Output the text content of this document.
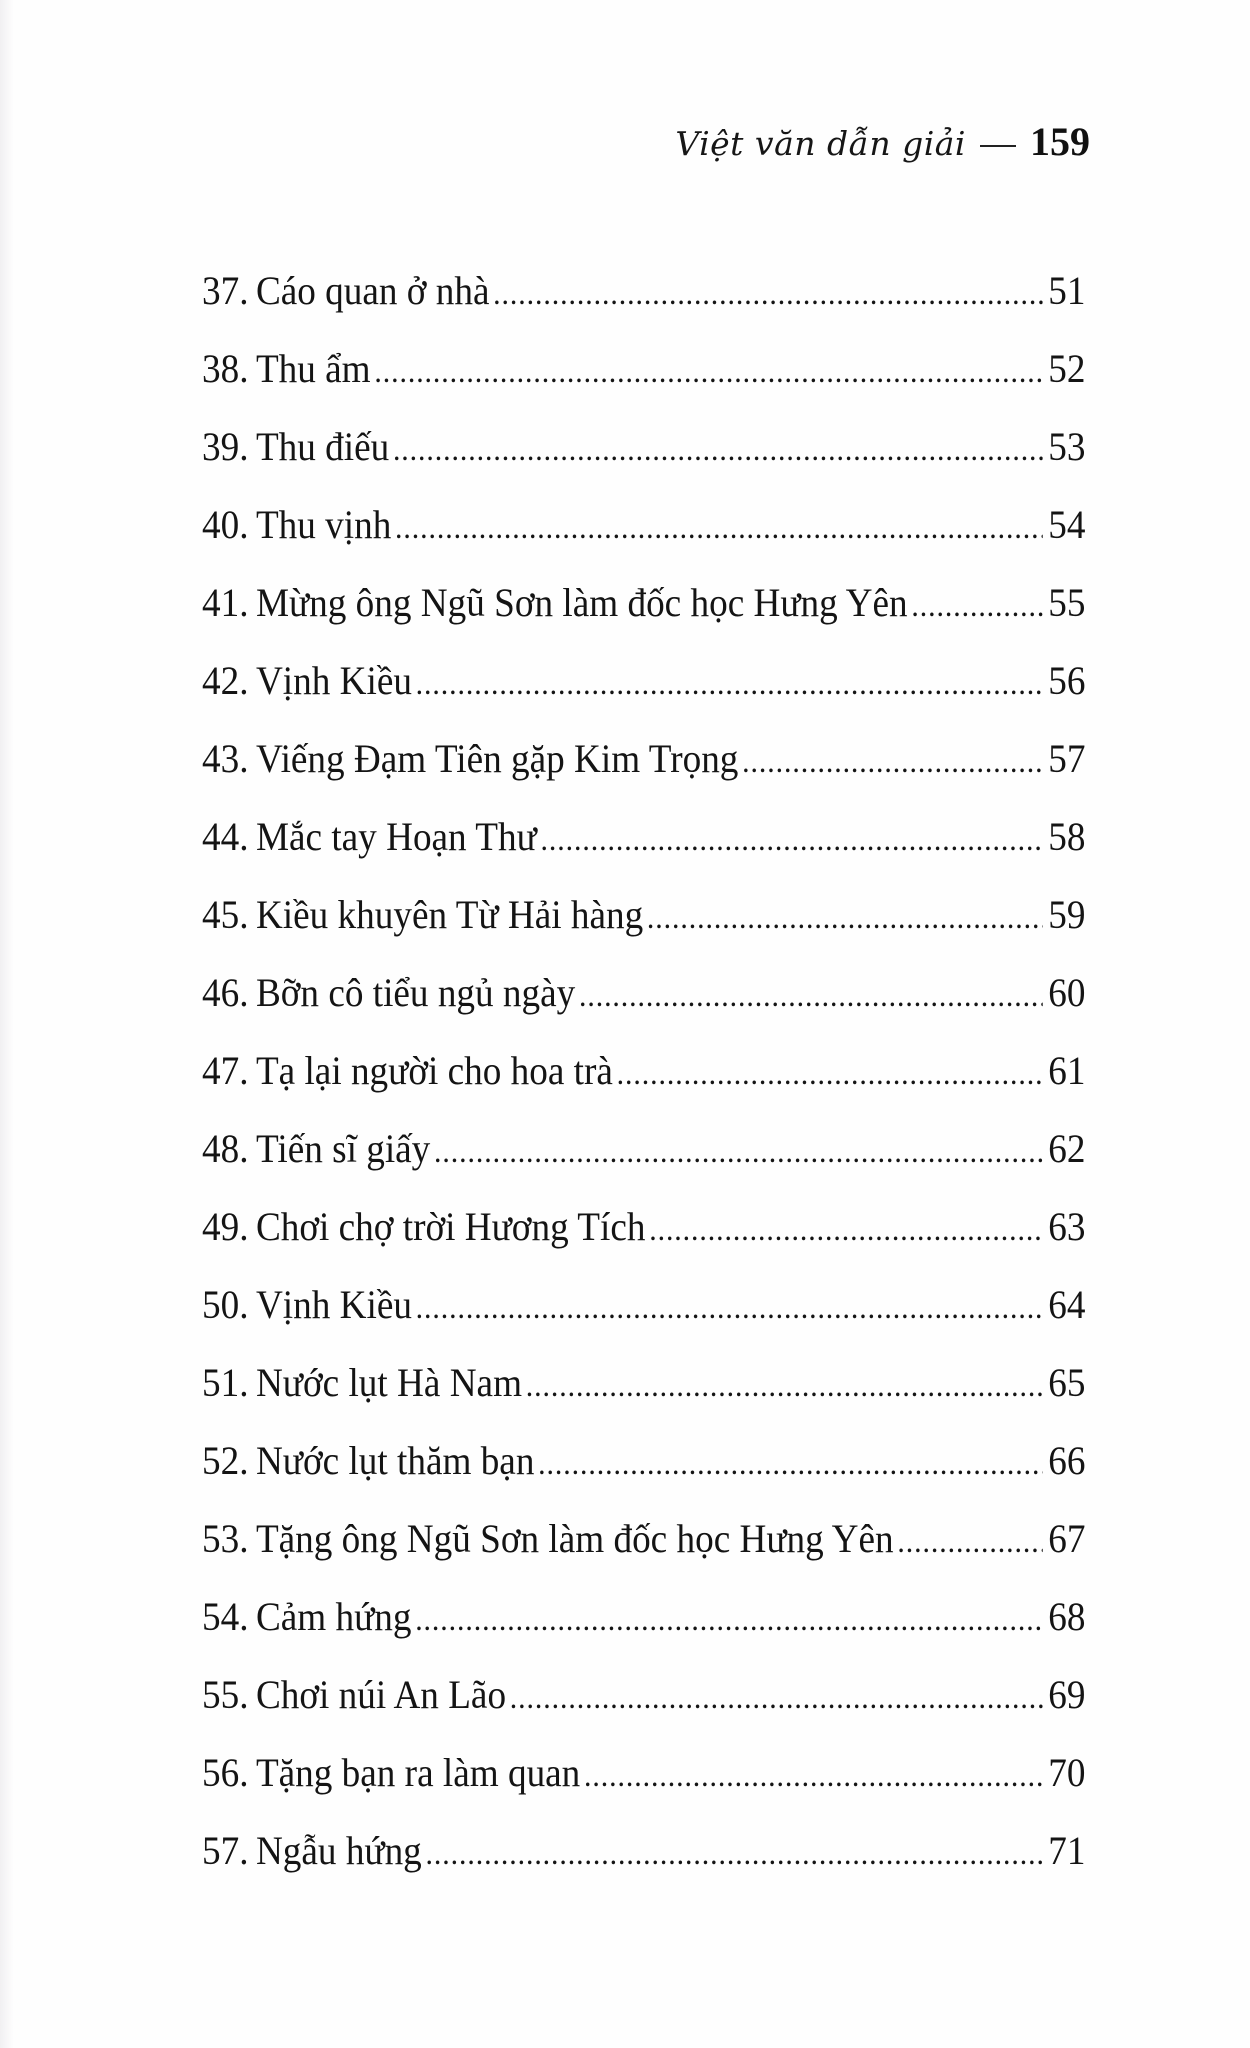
Việt văn dẫn giải 159
37. Cáo quan ở nhà .....	51
38. Thu ẩm .....	52
39. Thu điếu .....	53
40. Thu vịnh .....	54
41. Mừng ông Ngũ Sơn làm đốc học Hưng Yên .....	55
42. Vịnh Kiều .....	56
43. Viếng Đạm Tiên gặp Kim Trọng .....	57
44. Mắc tay Hoạn Thư .....	58
45. Kiều khuyên Từ Hải hàng .....	59
46. Bỡn cô tiểu ngủ ngày .....	60
47. Tạ lại người cho hoa trà .....	61
48. Tiến sĩ giấy .....	62
49. Chơi chợ trời Hương Tích .....	63
50. Vịnh Kiều .....	64
51. Nước lụt Hà Nam .....	65
52. Nước lụt thăm bạn .....	66
53. Tặng ông Ngũ Sơn làm đốc học Hưng Yên .....	67
54. Cảm hứng .....	68
55. Chơi núi An Lão .....	69
56. Tặng bạn ra làm quan .....	70
57. Ngẫu hứng .....	71
